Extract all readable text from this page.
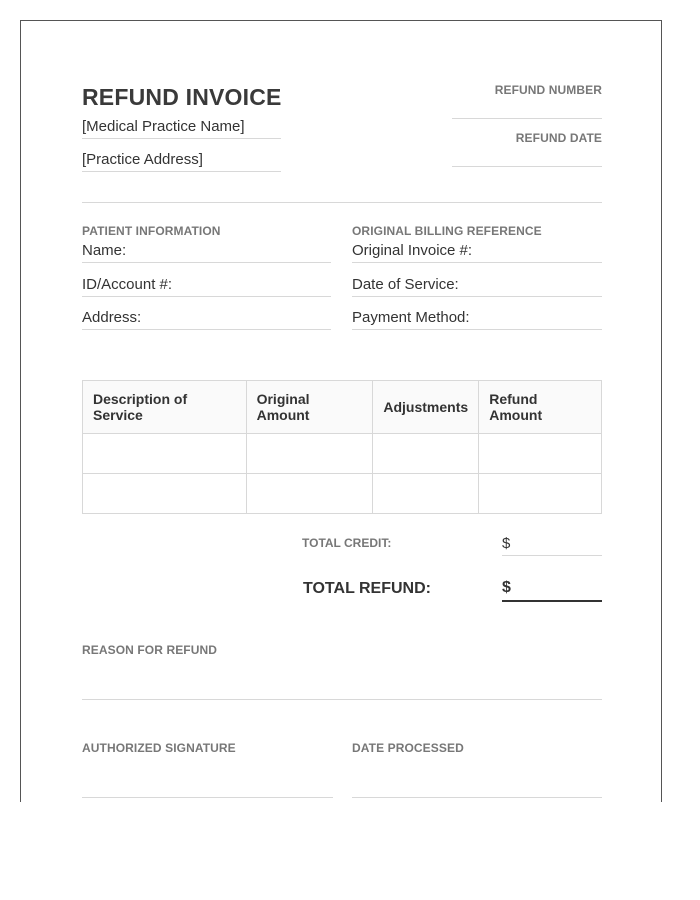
REFUND INVOICE
[Medical Practice Name]
[Practice Address]
REFUND NUMBER
REFUND DATE
PATIENT INFORMATION
Name:
ID/Account #:
Address:
ORIGINAL BILLING REFERENCE
Original Invoice #:
Date of Service:
Payment Method:
Description of Service	Original Amount	Adjustments	Refund Amount

TOTAL CREDIT:	$
TOTAL REFUND:	$
REASON FOR REFUND
AUTHORIZED SIGNATURE	DATE PROCESSED
